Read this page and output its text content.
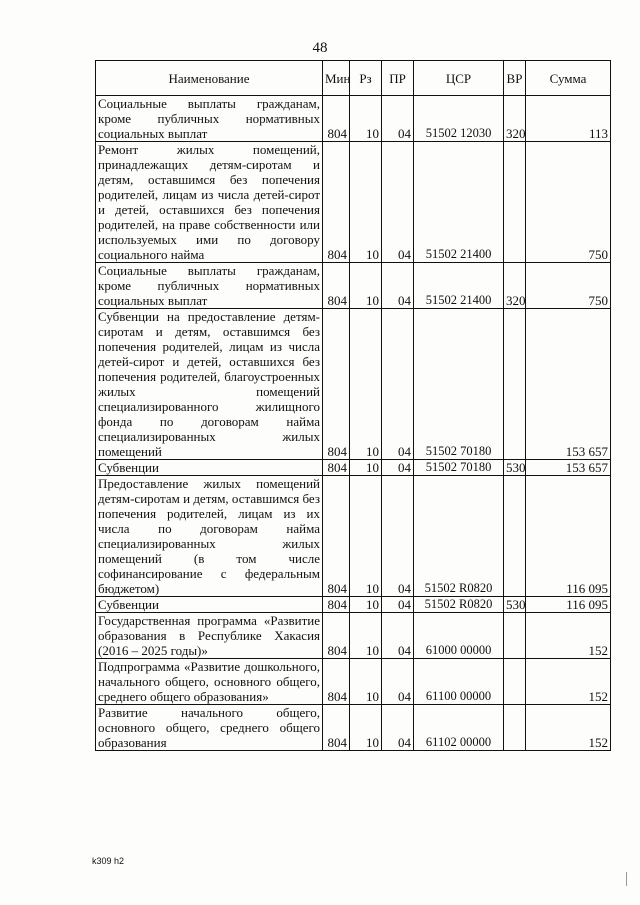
48
Наименование	Мин	Рз	ПР	ЦСР	ВР	Сумма
Социальные выплаты гражданам, кроме публичных нормативных социальных выплат	804	10	04	51502 12030	320	113
Ремонт жилых помещений, принадлежащих детям-сиротам и детям, оставшимся без попечения родителей, лицам из числа детей-сирот и детей, оставшихся без попечения родителей, на праве собственности или используемых ими по договору социального найма	804	10	04	51502 21400		750
Социальные выплаты гражданам, кроме публичных нормативных социальных выплат	804	10	04	51502 21400	320	750
Субвенции на предоставление детям-сиротам и детям, оставшимся без попечения родителей, лицам из числа детей-сирот и детей, оставшихся без попечения родителей, благоустроенных жилых помещений специализированного жилищного фонда по договорам найма специализированных жилых помещений	804	10	04	51502 70180		153 657
Субвенции	804	10	04	51502 70180	530	153 657
Предоставление жилых помещений детям-сиротам и детям, оставшимся без попечения родителей, лицам из их числа по договорам найма специализированных жилых помещений (в том числе софинансирование с федеральным бюджетом)	804	10	04	51502 R0820		116 095
Субвенции	804	10	04	51502 R0820	530	116 095
Государственная программа «Развитие образования в Республике Хакасия (2016 – 2025 годы)»	804	10	04	61000 00000		152
Подпрограмма «Развитие дошкольного, начального общего, основного общего, среднего общего образования»	804	10	04	61100 00000		152
Развитие начального общего, основного общего, среднего общего образования	804	10	04	61102 00000		152
k309 h2
